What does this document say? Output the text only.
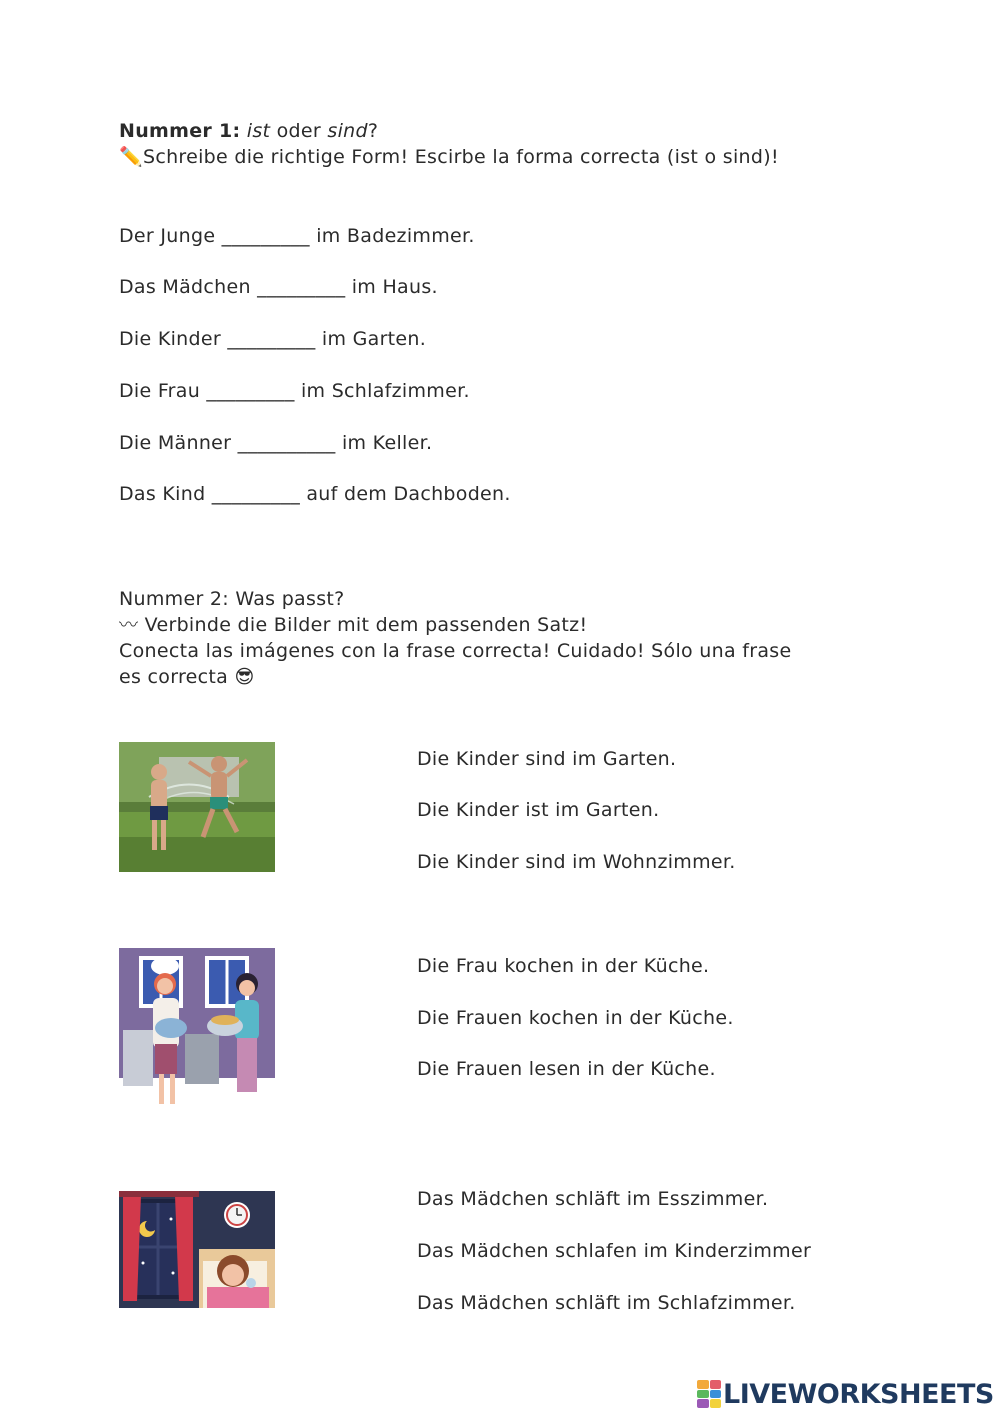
Nummer 1: ist oder sind?
✏️Schreibe die richtige Form! Escirbe la forma correcta (ist o sind)!
Der Junge _________ im Badezimmer.
Das Mädchen _________ im Haus.
Die Kinder _________ im Garten.
Die Frau _________ im Schlafzimmer.
Die Männer __________ im Keller.
Das Kind _________ auf dem Dachboden.
Nummer 2: Was passt?
〰 Verbinde die Bilder mit dem passenden Satz!
Conecta las imágenes con la frase correcta! Cuidado! Sólo una frase
es correcta 😎
Die Kinder sind im Garten.
Die Kinder ist im Garten.
Die Kinder sind im Wohnzimmer.
Die Frau kochen in der Küche.
Die Frauen kochen in der Küche.
Die Frauen lesen in der Küche.
Das Mädchen schläft im Esszimmer.
Das Mädchen schlafen im Kinderzimmer
Das Mädchen schläft im Schlafzimmer.
LIVEWORKSHEETS
